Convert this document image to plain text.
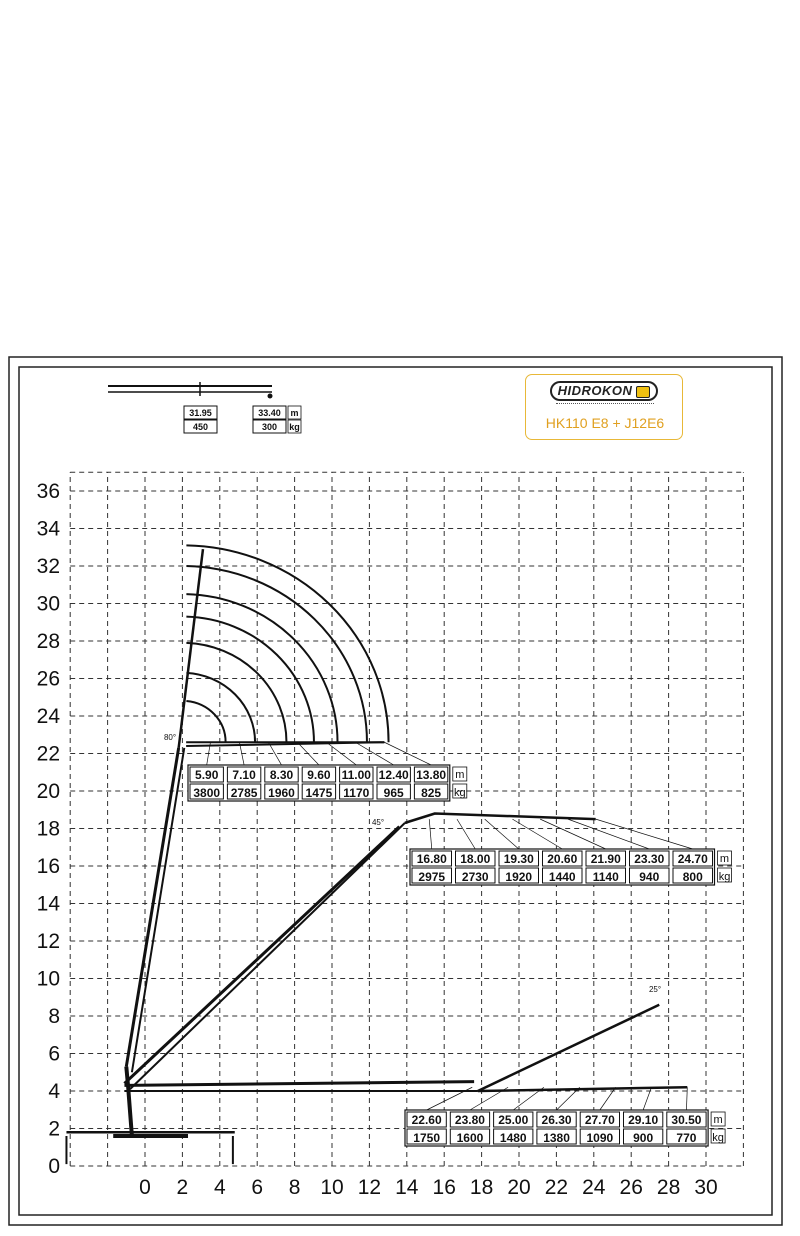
0 2 4 6 8 10 12 14 16 18 20 22 24 26 28 30
0
2
4
6
8
10
12
14
16
18
20
22
24
26
28
30
32
34
36
5.90
3800
7.10
2785
8.30
1960
9.60
1475
11.00
1170
12.40
965
13.80
825
m
kg
16.80
2975
18.00
2730
19.30
1920
20.60
1440
21.90
1140
23.30
940
24.70
800
m
kg
22.60
1750
23.80
1600
25.00
1480
26.30
1380
27.70
1090
29.10
900
30.50
770
m
kg
80°
45°
25°
31.95
450
33.40
300
m
kg
HIDROKON
HK110 E8 + J12E6
